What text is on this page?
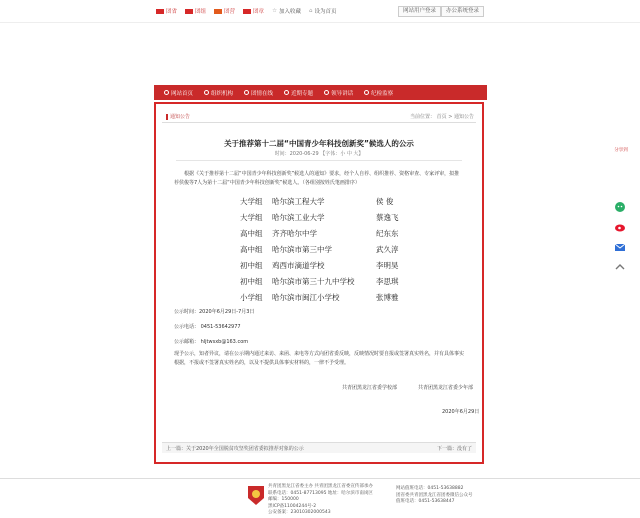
团省	团组	团营	团章 ☆ 加入收藏 ⌂ 设为首页	网站用户登录	办公系统登录
网站首页	组织机构	团情在线	近期专题	领导讲话	纪检监察
通知公告	当前位置： 首页 > 通知公告
关于推荐第十二届“中国青少年科技创新奖”候选人的公示
时间：2020-06-29 【字体：小 中 大】
根据《关于推荐第十二届“中国青少年科技创新奖”候选人的通知》要求，经个人自荐、组织推荐、资格审查、专家评审，拟推荐侯俊等7人为第十二届“中国青少年科技创新奖”候选人。（各组别按姓氏笔画排序）
大学组	哈尔滨工程大学	侯 俊
大学组	哈尔滨工业大学	蔡逸飞
高中组	齐齐哈尔中学	纪东东
高中组	哈尔滨市第三中学	武久淳
初中组	鸡西市滴道学校	李明昊
初中组	哈尔滨市第三十九中学校	李思琪
小学组	哈尔滨市闽江小学校	张博雅
公示时间：2020年6月29日-7月3日
公示电话： 0451-53642977
公示邮箱： hljtwsxb@163.com
现予公示，知者异议，请在公示期内通过来访、来函、来电等方式向团省委反映，反映情况时要自报或签署真实姓名，并有具体事实根据，不报或不签署真实姓名的，以及不提供具体事实材料的，一律不予受理。
共青团黑龙江省委学校部	共青团黑龙江省委少年部
2020年6月29日
上一篇：关于2020年全国脱贫攻坚奖团省委拟推荐对象的公示	下一篇：没有了
分享到
共青团黑龙江省委主办 共青团黑龙江省委宣传部承办
联系电话：0451-87713095 地址：哈尔滨市南岗区
邮编：150000
黑ICP备11004244号-2
公安备案：23010302000543
网站值班电话：0451-53638882
团省委共青团黑龙江省团委微信公众号
值班电话：0451-53638447
